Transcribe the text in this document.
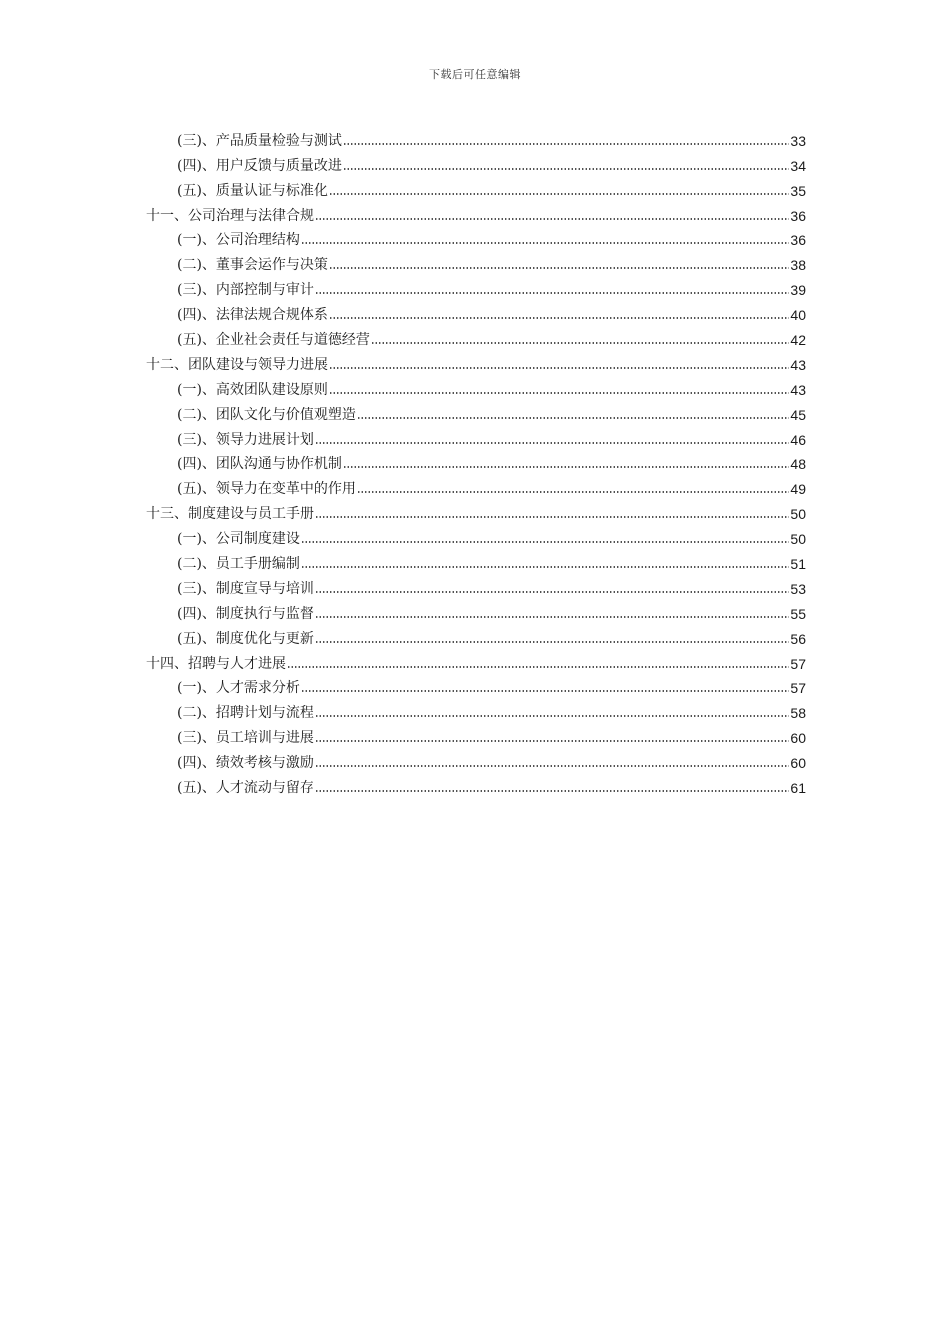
下载后可任意编辑
(三)、产品质量检验与测试	33
(四)、用户反馈与质量改进	34
(五)、质量认证与标准化	35
十一、公司治理与法律合规	36
(一)、公司治理结构	36
(二)、董事会运作与决策	38
(三)、内部控制与审计	39
(四)、法律法规合规体系	40
(五)、企业社会责任与道德经营	42
十二、团队建设与领导力进展	43
(一)、高效团队建设原则	43
(二)、团队文化与价值观塑造	45
(三)、领导力进展计划	46
(四)、团队沟通与协作机制	48
(五)、领导力在变革中的作用	49
十三、制度建设与员工手册	50
(一)、公司制度建设	50
(二)、员工手册编制	51
(三)、制度宣导与培训	53
(四)、制度执行与监督	55
(五)、制度优化与更新	56
十四、招聘与人才进展	57
(一)、人才需求分析	57
(二)、招聘计划与流程	58
(三)、员工培训与进展	60
(四)、绩效考核与激励	60
(五)、人才流动与留存	61
